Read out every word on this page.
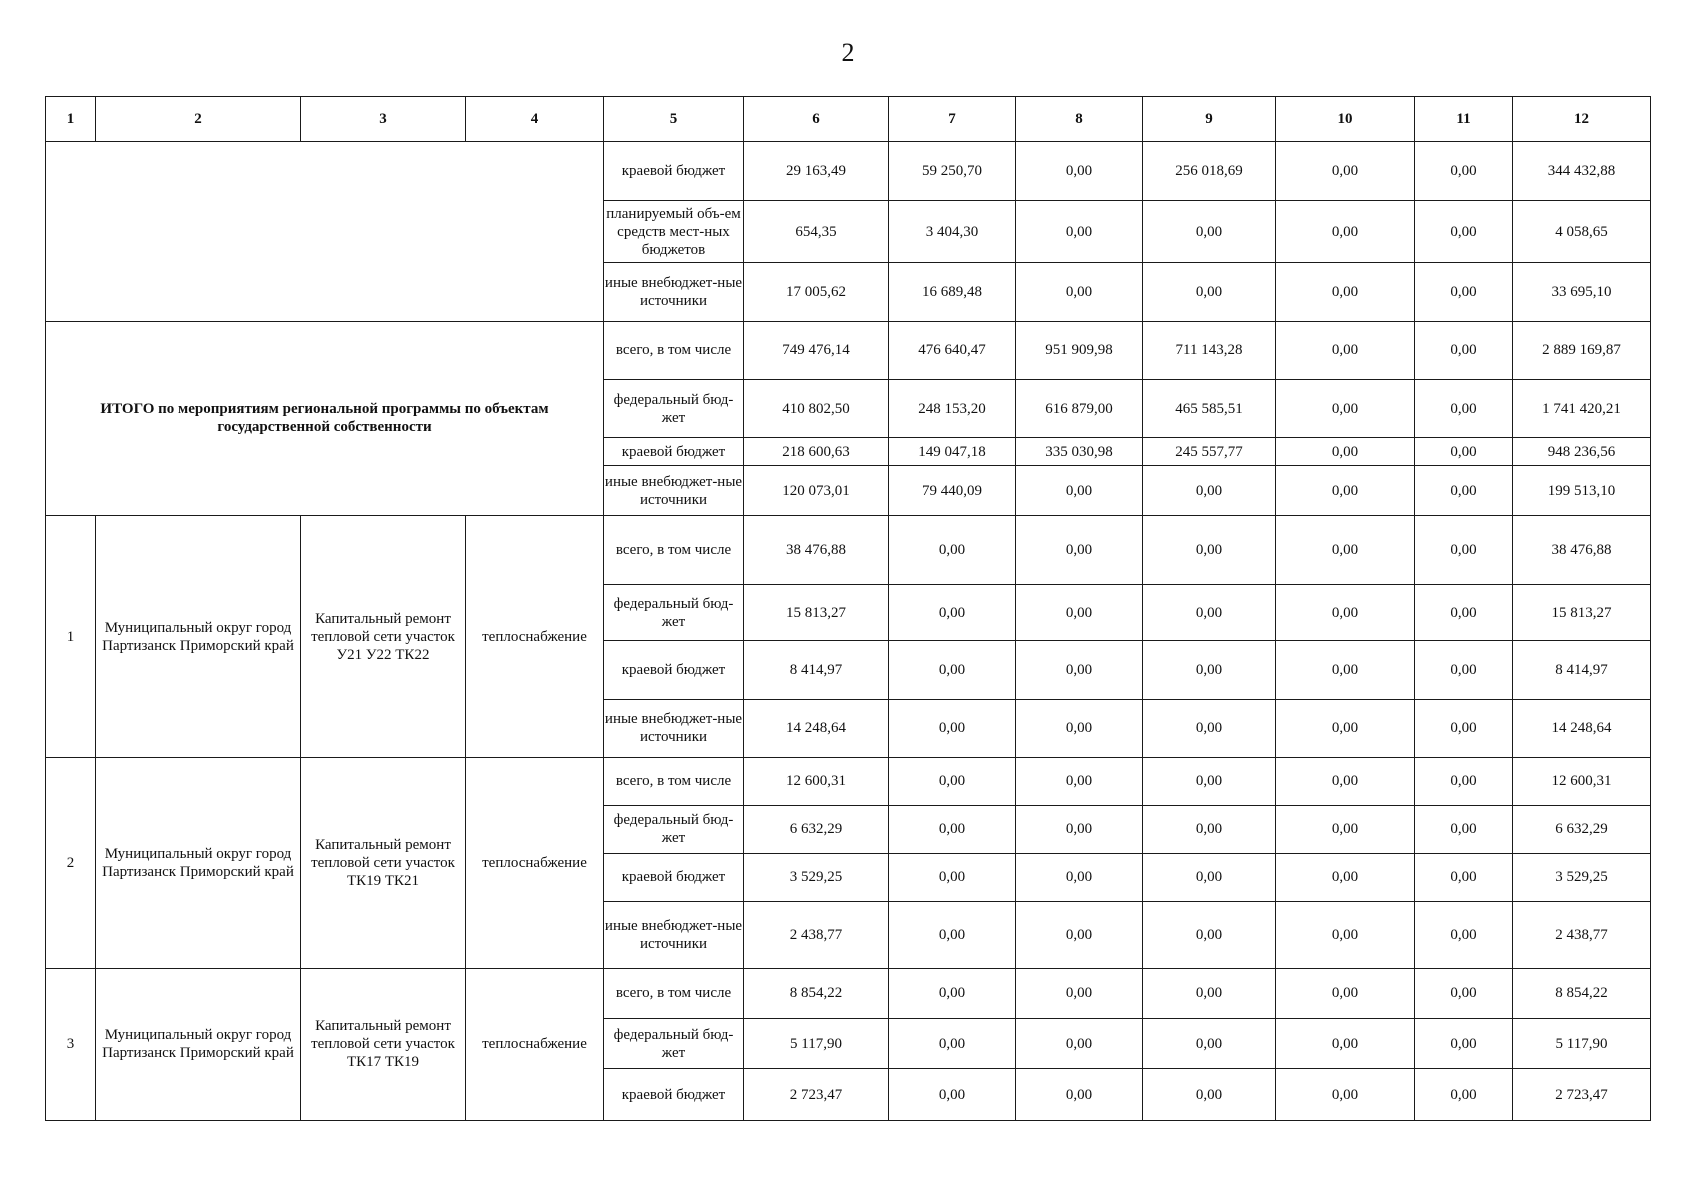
2
1	2	3	4	5	6	7	8	9	10	11	12
				краевой бюджет	29 163,49	59 250,70	0,00	256 018,69	0,00	0,00	344 432,88
				планируемый объ-ем средств мест-ных бюджетов	654,35	3 404,30	0,00	0,00	0,00	0,00	4 058,65
				иные внебюджет-ные источники	17 005,62	16 689,48	0,00	0,00	0,00	0,00	33 695,10
ИТОГО по мероприятиям региональной программы по объектам государственной собственности				всего, в том числе	749 476,14	476 640,47	951 909,98	711 143,28	0,00	0,00	2 889 169,87
				федеральный бюд-жет	410 802,50	248 153,20	616 879,00	465 585,51	0,00	0,00	1 741 420,21
				краевой бюджет	218 600,63	149 047,18	335 030,98	245 557,77	0,00	0,00	948 236,56
				иные внебюджет-ные источники	120 073,01	79 440,09	0,00	0,00	0,00	0,00	199 513,10
1	Муниципальный округ город Партизанск Приморский край	Капитальный ремонт тепловой сети участок У21 У22 ТК22	теплоснабжение	всего, в том числе	38 476,88	0,00	0,00	0,00	0,00	0,00	38 476,88
				федеральный бюд-жет	15 813,27	0,00	0,00	0,00	0,00	0,00	15 813,27
				краевой бюджет	8 414,97	0,00	0,00	0,00	0,00	0,00	8 414,97
				иные внебюджет-ные источники	14 248,64	0,00	0,00	0,00	0,00	0,00	14 248,64
2	Муниципальный округ город Партизанск Приморский край	Капитальный ремонт тепловой сети участок ТК19 ТК21	теплоснабжение	всего, в том числе	12 600,31	0,00	0,00	0,00	0,00	0,00	12 600,31
				федеральный бюд-жет	6 632,29	0,00	0,00	0,00	0,00	0,00	6 632,29
				краевой бюджет	3 529,25	0,00	0,00	0,00	0,00	0,00	3 529,25
				иные внебюджет-ные источники	2 438,77	0,00	0,00	0,00	0,00	0,00	2 438,77
3	Муниципальный округ город Партизанск Приморский край	Капитальный ремонт тепловой сети участок ТК17 ТК19	теплоснабжение	всего, в том числе	8 854,22	0,00	0,00	0,00	0,00	0,00	8 854,22
				федеральный бюд-жет	5 117,90	0,00	0,00	0,00	0,00	0,00	5 117,90
				краевой бюджет	2 723,47	0,00	0,00	0,00	0,00	0,00	2 723,47
